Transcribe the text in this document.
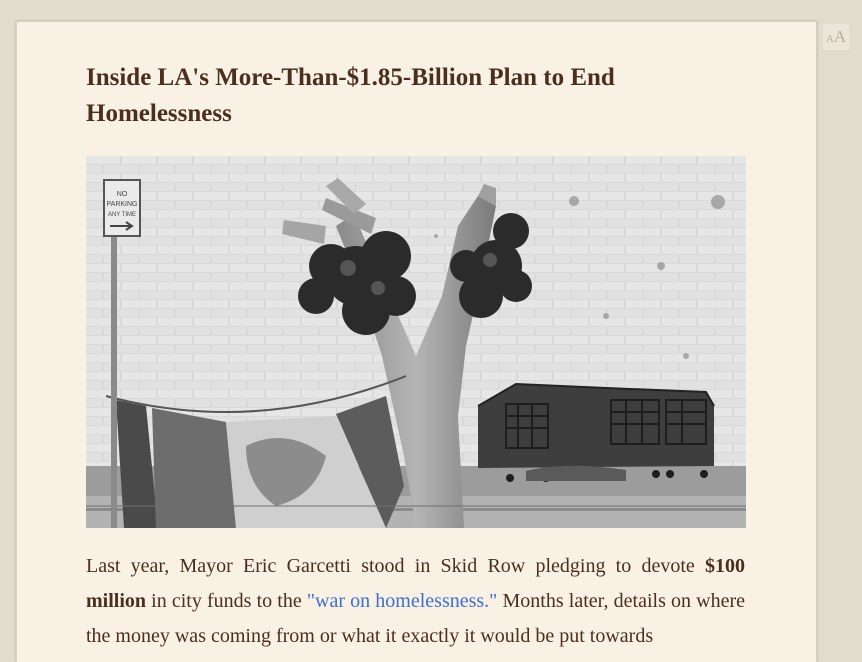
Inside LA's More-Than-$1.85-Billion Plan to End Homelessness
NO
PARKING
ANY TIME

Last year, Mayor Eric Garcetti stood in Skid Row pledging to devote $100 million in city funds to the "war on homelessness." Months later, details on where the money was coming from or what it exactly it would be put towards

AA
